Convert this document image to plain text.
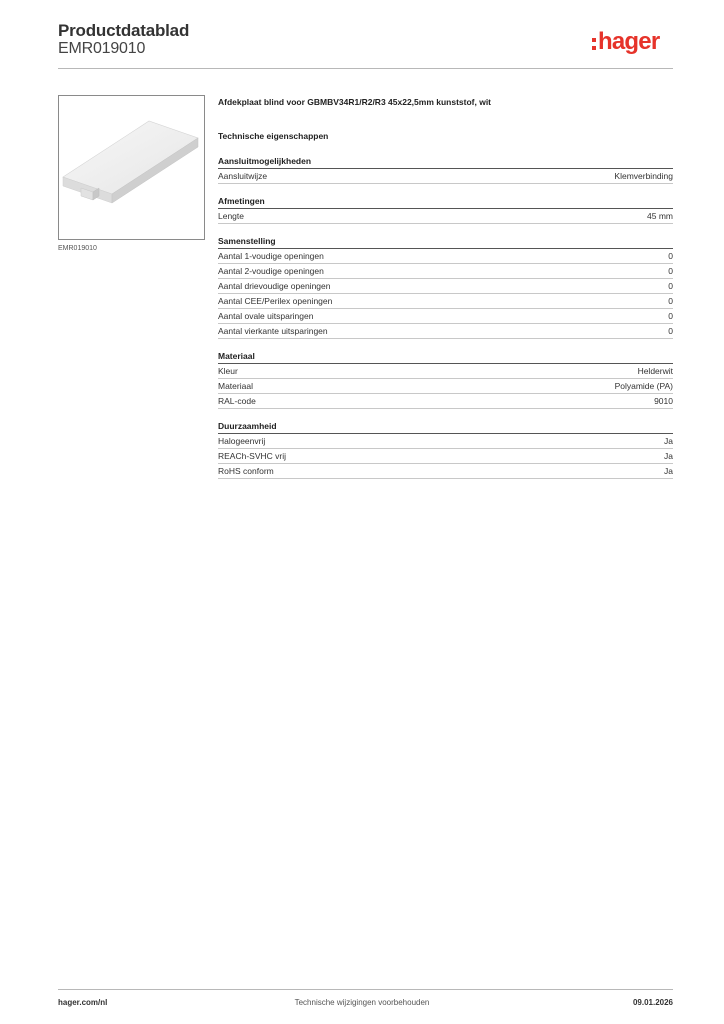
Productdatablad
EMR019010	hager
EMR019010
Afdekplaat blind voor GBMBV34R1/R2/R3 45x22,5mm kunststof, wit
Technische eigenschappen
Aansluitmogelijkheden
Aansluitwijze	Klemverbinding
Afmetingen
Lengte	45 mm
Samenstelling
Aantal 1-voudige openingen	0
Aantal 2-voudige openingen	0
Aantal drievoudige openingen	0
Aantal CEE/Perilex openingen	0
Aantal ovale uitsparingen	0
Aantal vierkante uitsparingen	0
Materiaal
Kleur	Helderwit
Materiaal	Polyamide (PA)
RAL-code	9010
Duurzaamheid
Halogeenvrij	Ja
REACh-SVHC vrij	Ja
RoHS conform	Ja
Technische wijzigingen voorbehouden
hager.com/nl	09.01.2026
